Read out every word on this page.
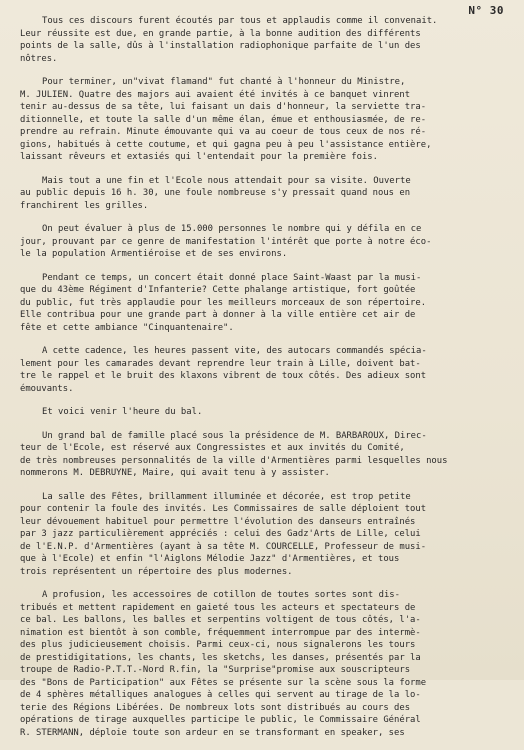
N° 30
Tous ces discours furent écoutés par tous et applaudis comme il convenait.
Leur réussite est due, en grande partie, à la bonne audition des différents
points de la salle, dûs à l'installation radiophonique parfaite de l'un des
nôtres.
Pour terminer, un"vivat flamand" fut chanté à l'honneur du Ministre,
M. JULIEN. Quatre des majors aui avaient été invités à ce banquet vinrent
tenir au-dessus de sa tête, lui faisant un dais d'honneur, la serviette tra-
ditionnelle, et toute la salle d'un même élan, émue et enthousiasmée, de re-
prendre au refrain. Minute émouvante qui va au coeur de tous ceux de nos ré-
gions, habitués à cette coutume, et qui gagna peu à peu l'assistance entière,
laissant rêveurs et extasiés qui l'entendait pour la première fois.
Mais tout a une fin et l'Ecole nous attendait pour sa visite. Ouverte
au public depuis 16 h. 30, une foule nombreuse s'y pressait quand nous en
franchirent les grilles.
On peut évaluer à plus de 15.000 personnes le nombre qui y défila en ce
jour, prouvant par ce genre de manifestation l'intérêt que porte à notre éco-
le la population Armentiéroise et de ses environs.
Pendant ce temps, un concert était donné place Saint-Waast par la musi-
que du 43ème Régiment d'Infanterie? Cette phalange artistique, fort goûtée
du public, fut très applaudie pour les meilleurs morceaux de son répertoire.
Elle contribua pour une grande part à donner à la ville entière cet air de
fête et cette ambiance "Cinquantenaire".
A cette cadence, les heures passent vite, des autocars commandés spécia-
lement pour les camarades devant reprendre leur train à Lille, doivent bat-
tre le rappel et le bruit des klaxons vibrent de toux côtés. Des adieux sont
émouvants.
Et voici venir l'heure du bal.
Un grand bal de famille placé sous la présidence de M. BARBAROUX, Direc-
teur de l'Ecole, est réservé aux Congressistes et aux invités du Comité,
de très nombreuses personnalités de la ville d'Armentières parmi lesquelles nous
nommerons M. DEBRUYNE, Maire, qui avait tenu à y assister.
La salle des Fêtes, brillamment illuminée et décorée, est trop petite
pour contenir la foule des invités. Les Commissaires de salle déploient tout
leur dévouement habituel pour permettre l'évolution des danseurs entraînés
par 3 jazz particulièrement appréciés : celui des Gadz'Arts de Lille, celui
de l'E.N.P. d'Armentières (ayant à sa tête M. COURCELLE, Professeur de musi-
que à l'Ecole) et enfin "l'Aiglons Mélodie Jazz" d'Armentières, et tous
trois représentent un répertoire des plus modernes.
A profusion, les accessoires de cotillon de toutes sortes sont dis-
tribués et mettent rapidement en gaieté tous les acteurs et spectateurs de
ce bal. Les ballons, les balles et serpentins voltigent de tous côtés, l'a-
nimation est bientôt à son comble, fréquemment interrompue par des intermè-
des plus judicieusement choisis. Parmi ceux-ci, nous signalerons les tours
de prestidigitations, les chants, les sketchs, les danses, présentés par la
troupe de Radio-P.T.T.-Nord R.fin, la "Surprise"promise aux souscripteurs
des "Bons de Participation" aux Fêtes se présente sur la scène sous la forme
de 4 sphères métalliques analogues à celles qui servent au tirage de la lo-
terie des Régions Libérées. De nombreux lots sont distribués au cours des
opérations de tirage auxquelles participe le public, le Commissaire Général
R. STERMANN, déploie toute son ardeur en se transformant en speaker, ses
